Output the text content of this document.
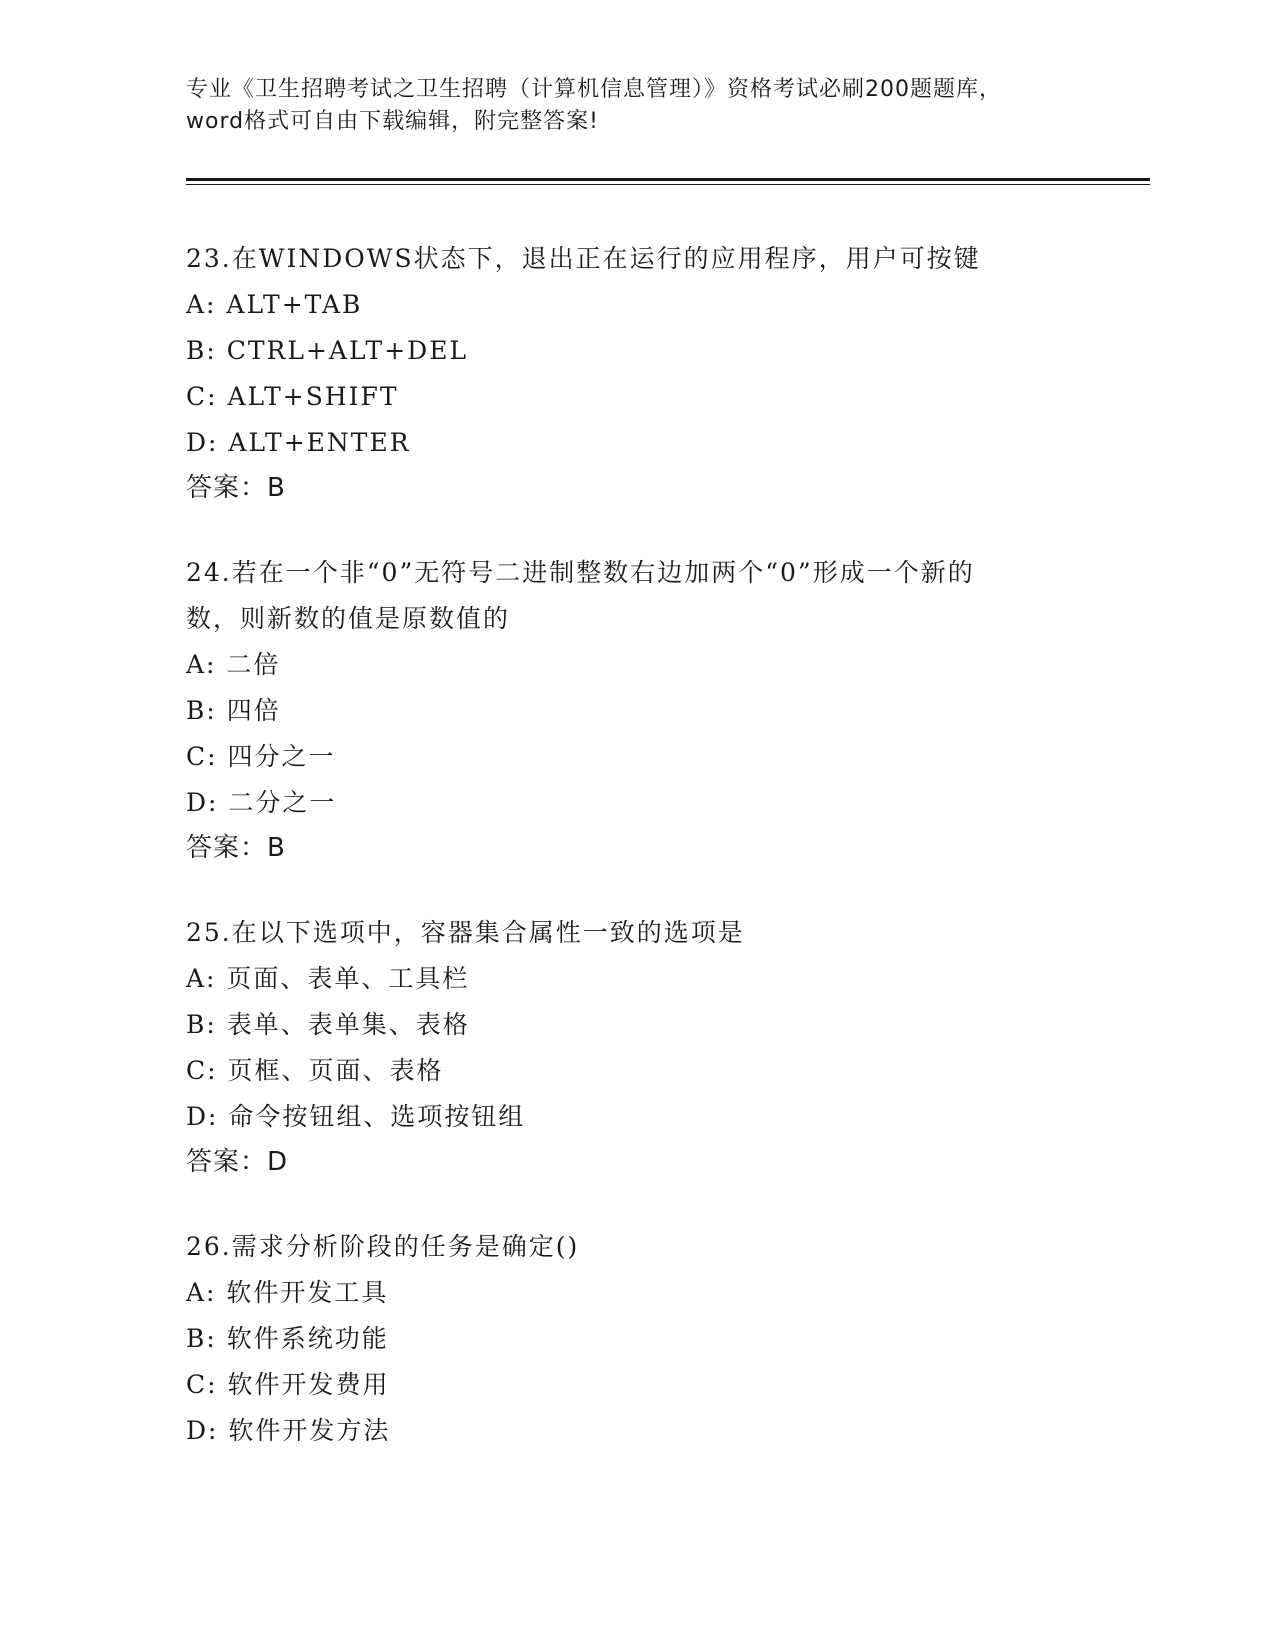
专业《卫生招聘考试之卫生招聘（计算机信息管理）》资格考试必刷200题题库，
word格式可自由下载编辑，附完整答案!
23.在WINDOWS状态下，退出正在运行的应用程序，用户可按键
A: ALT+TAB
B: CTRL+ALT+DEL
C: ALT+SHIFT
D: ALT+ENTER
答案：B
24.若在一个非“0”无符号二进制整数右边加两个“0”形成一个新的
数，则新数的值是原数值的
A: 二倍
B: 四倍
C: 四分之一
D: 二分之一
答案：B
25.在以下选项中，容器集合属性一致的选项是
A: 页面、表单、工具栏
B: 表单、表单集、表格
C: 页框、页面、表格
D: 命令按钮组、选项按钮组
答案：D
26.需求分析阶段的任务是确定()
A: 软件开发工具
B: 软件系统功能
C: 软件开发费用
D: 软件开发方法
